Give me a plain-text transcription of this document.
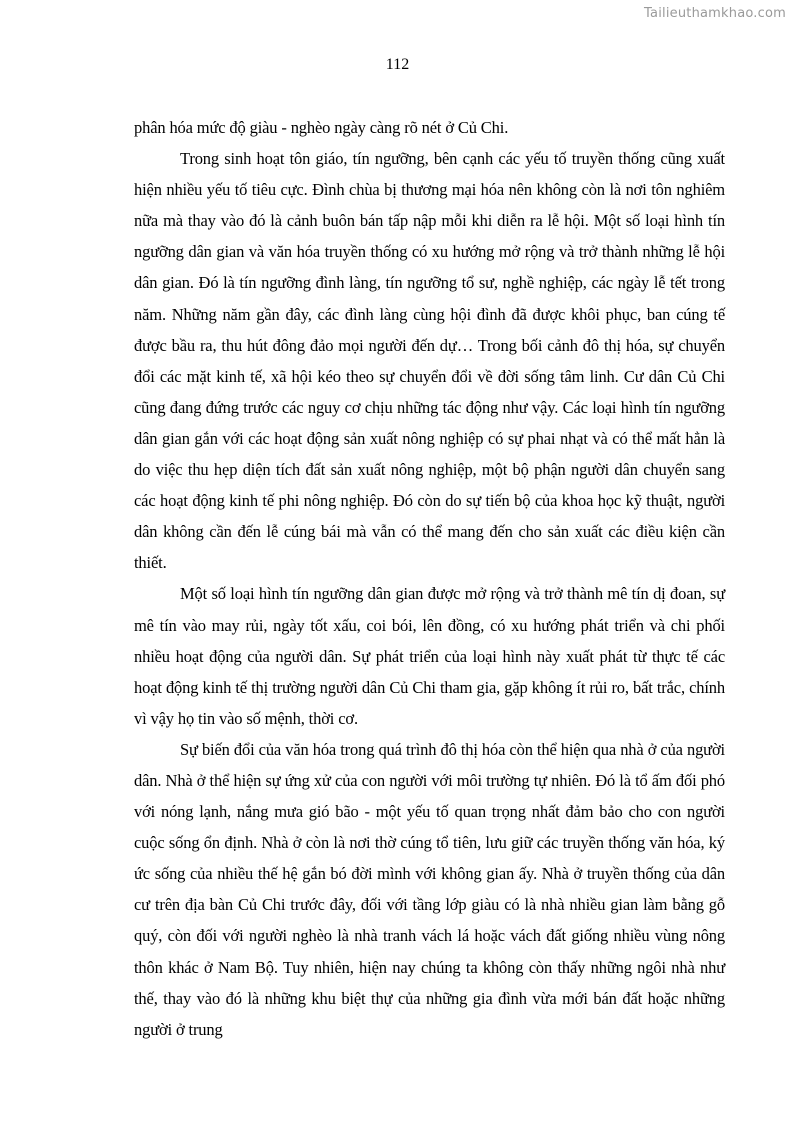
Tailieuthamkhao.com
112

phân hóa mức độ giàu - nghèo ngày càng rõ nét ở Củ Chi.

Trong sinh hoạt tôn giáo, tín ngưỡng, bên cạnh các yếu tố truyền thống cũng xuất hiện nhiều yếu tố tiêu cực. Đình chùa bị thương mại hóa nên không còn là nơi tôn nghiêm nữa mà thay vào đó là cảnh buôn bán tấp nập mỗi khi diễn ra lễ hội. Một số loại hình tín ngưỡng dân gian và văn hóa truyền thống có xu hướng mở rộng và trở thành những lễ hội dân gian. Đó là tín ngưỡng đình làng, tín ngưỡng tổ sư, nghề nghiệp, các ngày lễ tết trong năm. Những năm gần đây, các đình làng cùng hội đình đã được khôi phục, ban cúng tế được bầu ra, thu hút đông đảo mọi người đến dự… Trong bối cảnh đô thị hóa, sự chuyển đổi các mặt kinh tế, xã hội kéo theo sự chuyển đổi về đời sống tâm linh. Cư dân Củ Chi cũng đang đứng trước các nguy cơ chịu những tác động như vậy. Các loại hình tín ngưỡng dân gian gắn với các hoạt động sản xuất nông nghiệp có sự phai nhạt và có thể mất hẳn là do việc thu hẹp diện tích đất sản xuất nông nghiệp, một bộ phận người dân chuyển sang các hoạt động kinh tế phi nông nghiệp. Đó còn do sự tiến bộ của khoa học kỹ thuật, người dân không cần đến lễ cúng bái mà vẫn có thể mang đến cho sản xuất các điều kiện cần thiết.

Một số loại hình tín ngưỡng dân gian được mở rộng và trở thành mê tín dị đoan, sự mê tín vào may rủi, ngày tốt xấu, coi bói, lên đồng, có xu hướng phát triển và chi phối nhiều hoạt động của người dân. Sự phát triển của loại hình này xuất phát từ thực tế các hoạt động kinh tế thị trường người dân Củ Chi tham gia, gặp không ít rủi ro, bất trắc, chính vì vậy họ tin vào số mệnh, thời cơ.

Sự biến đổi của văn hóa trong quá trình đô thị hóa còn thể hiện qua nhà ở của người dân. Nhà ở thể hiện sự ứng xử của con người với môi trường tự nhiên. Đó là tổ ấm đối phó với nóng lạnh, nắng mưa gió bão - một yếu tố quan trọng nhất đảm bảo cho con người cuộc sống ổn định. Nhà ở còn là nơi thờ cúng tổ tiên, lưu giữ các truyền thống văn hóa, ký ức sống của nhiều thế hệ gắn bó đời mình với không gian ấy. Nhà ở truyền thống của dân cư trên địa bàn Củ Chi trước đây, đối với tầng lớp giàu có là nhà nhiều gian làm bằng gỗ quý, còn đối với người nghèo là nhà tranh vách lá hoặc vách đất giống nhiều vùng nông thôn khác ở Nam Bộ. Tuy nhiên, hiện nay chúng ta không còn thấy những ngôi nhà như thế, thay vào đó là những khu biệt thự của những gia đình vừa mới bán đất hoặc những người ở trung
